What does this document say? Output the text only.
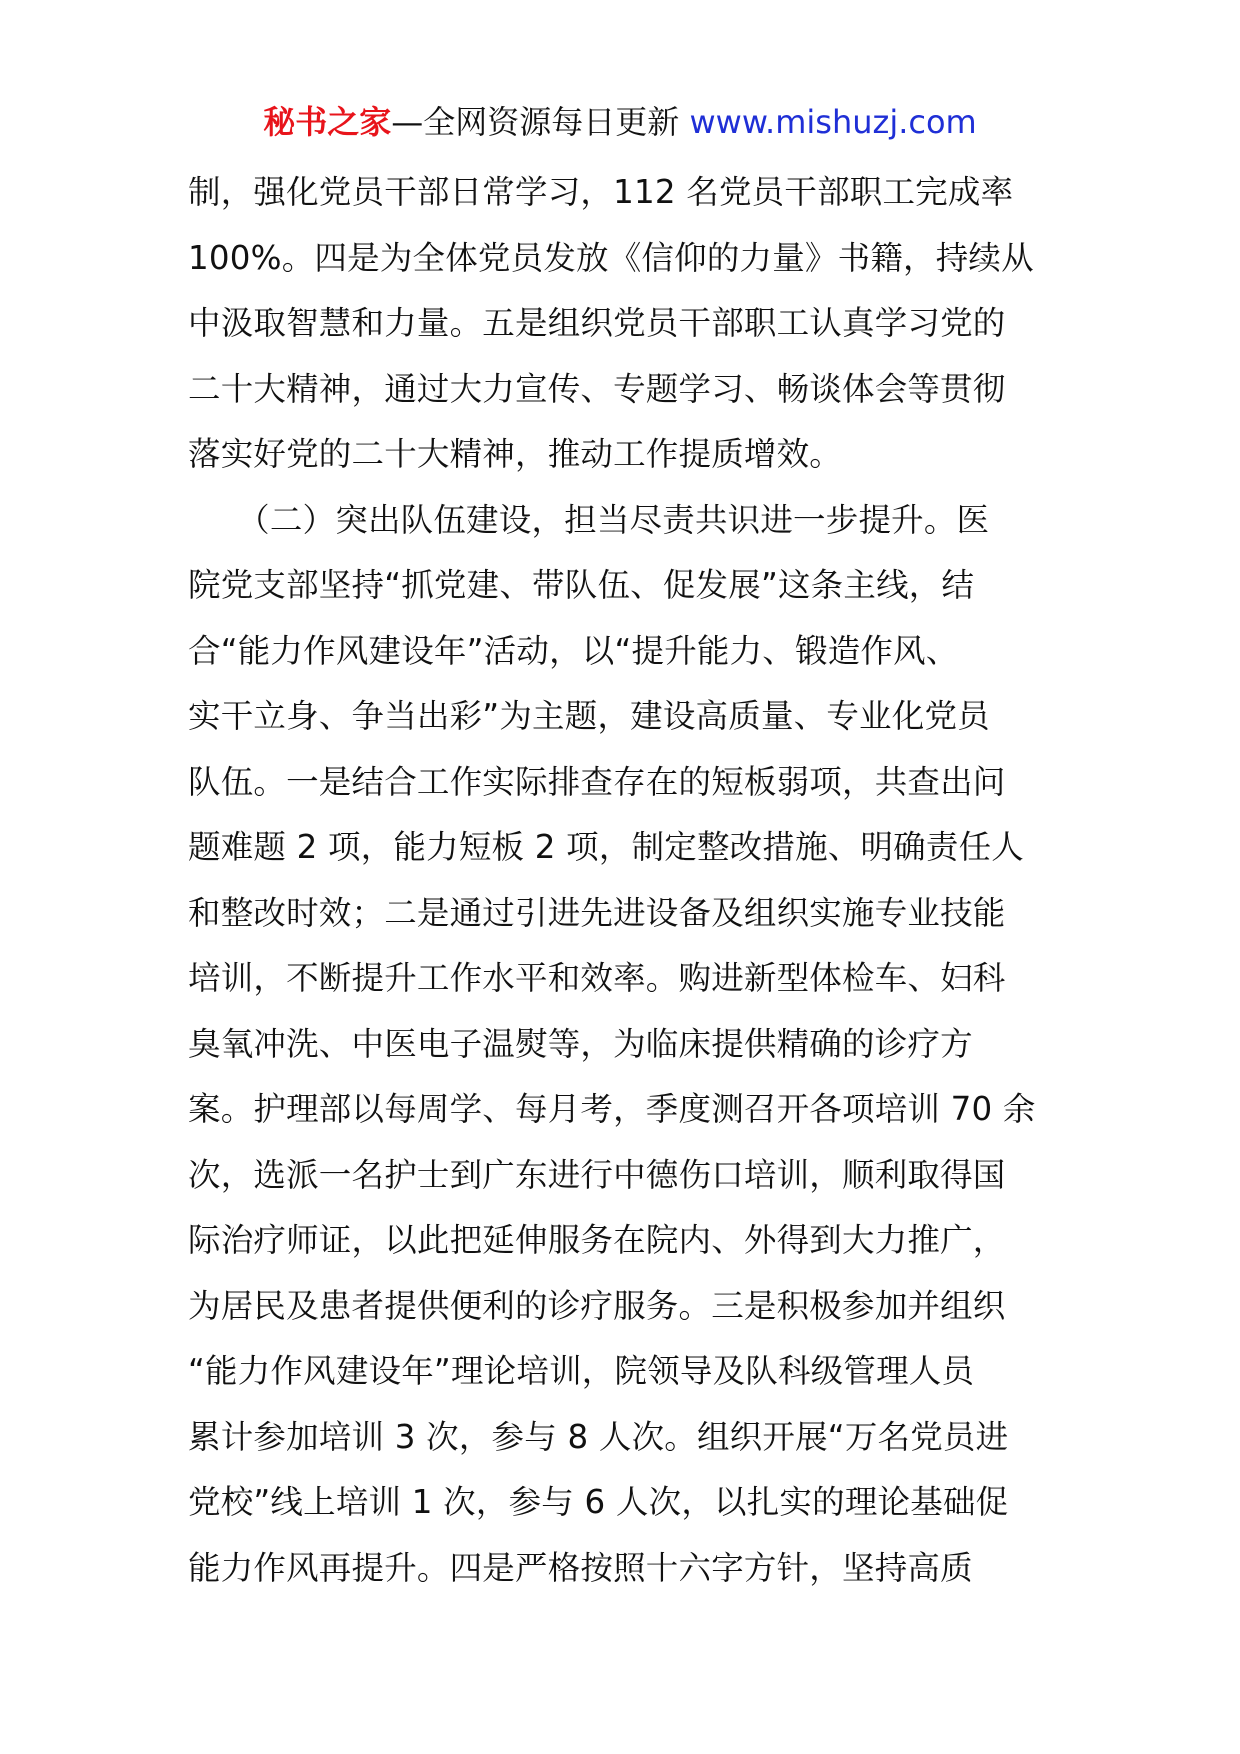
秘书之家—全网资源每日更新 www.mishuzj.com
制，强化党员干部日常学习，112 名党员干部职工完成率
100%。四是为全体党员发放《信仰的力量》书籍，持续从
中汲取智慧和力量。五是组织党员干部职工认真学习党的
二十大精神，通过大力宣传、专题学习、畅谈体会等贯彻
落实好党的二十大精神，推动工作提质增效。
　　（二）突出队伍建设，担当尽责共识进一步提升。医
院党支部坚持“抓党建、带队伍、促发展”这条主线，结
合“能力作风建设年”活动，以“提升能力、锻造作风、
实干立身、争当出彩”为主题，建设高质量、专业化党员
队伍。一是结合工作实际排查存在的短板弱项，共查出问
题难题 2 项，能力短板 2 项，制定整改措施、明确责任人
和整改时效；二是通过引进先进设备及组织实施专业技能
培训，不断提升工作水平和效率。购进新型体检车、妇科
臭氧冲洗、中医电子温熨等，为临床提供精确的诊疗方
案。护理部以每周学、每月考，季度测召开各项培训 70 余
次，选派一名护士到广东进行中德伤口培训，顺利取得国
际治疗师证，以此把延伸服务在院内、外得到大力推广，
为居民及患者提供便利的诊疗服务。三是积极参加并组织
“能力作风建设年”理论培训，院领导及队科级管理人员
累计参加培训 3 次，参与 8 人次。组织开展“万名党员进
党校”线上培训 1 次，参与 6 人次，以扎实的理论基础促
能力作风再提升。四是严格按照十六字方针，坚持高质
